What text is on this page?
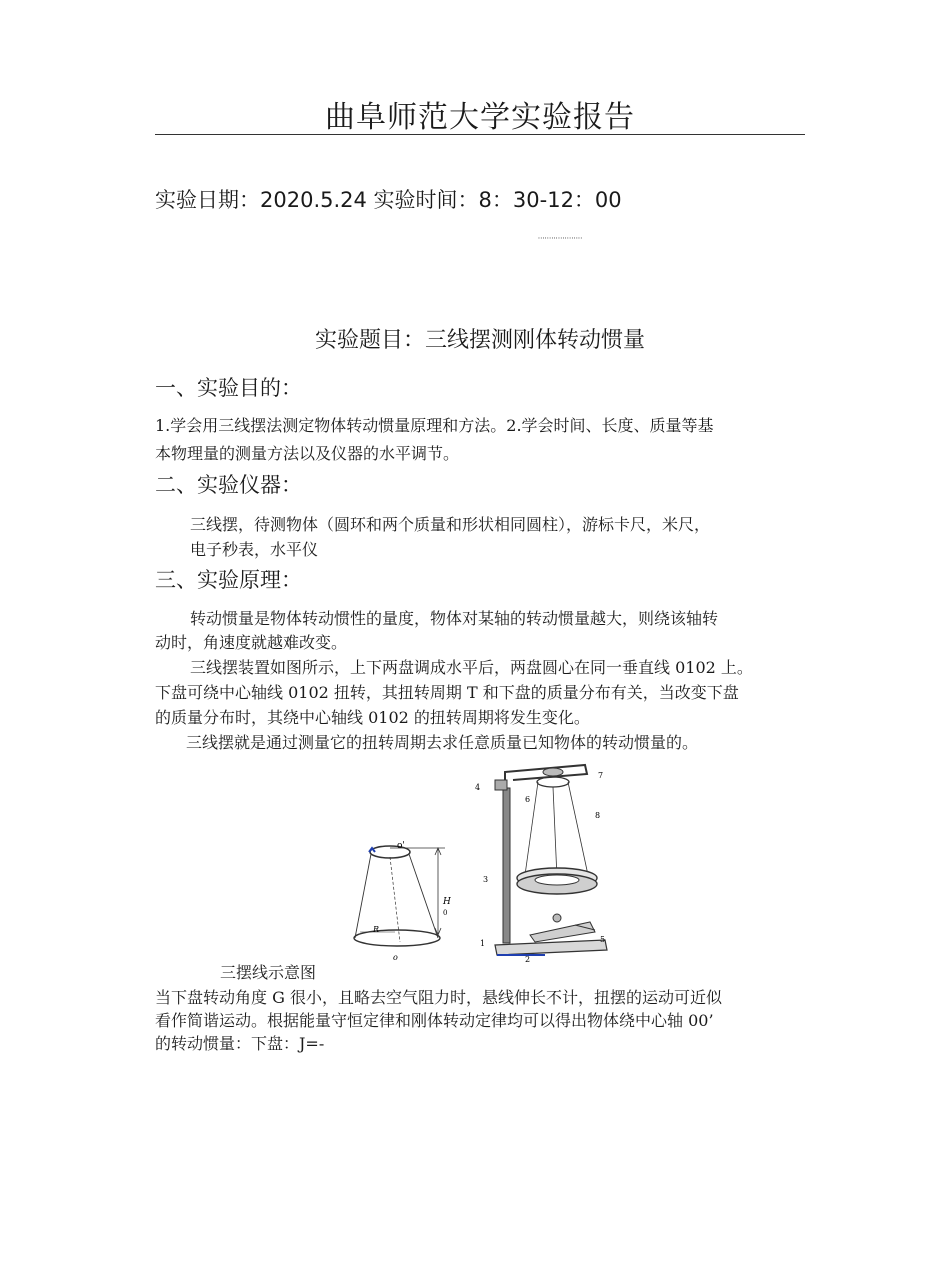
曲阜师范大学实验报告
实验日期：2020.5.24 实验时间：8：30-12：00
''''''''''''''''''''
实验题目：三线摆测刚体转动惯量
一、实验目的：
1.学会用三线摆法测定物体转动惯量原理和方法。2.学会时间、长度、质量等基
本物理量的测量方法以及仪器的水平调节。
二、实验仪器：
三线摆，待测物体（圆环和两个质量和形状相同圆柱），游标卡尺，米尺，
电子秒表，水平仪
三、实验原理：
转动惯量是物体转动惯性的量度，物体对某轴的转动惯量越大，则绕该轴转
动时，角速度就越难改变。
三线摆装置如图所示，上下两盘调成水平后，两盘圆心在同一垂直线 0102 上。
下盘可绕中心轴线 0102 扭转，其扭转周期 T 和下盘的质量分布有关，当改变下盘
的质量分布时，其绕中心轴线 0102 的扭转周期将发生变化。
三线摆就是通过测量它的扭转周期去求任意质量已知物体的转动惯量的。
o'
H
0
R
o
1
2
3
4
5
6
7
8
三摆线示意图
当下盘转动角度 G 很小，且略去空气阻力时，悬线伸长不计，扭摆的运动可近似
看作简谐运动。根据能量守恒定律和刚体转动定律均可以得出物体绕中心轴 00’
的转动惯量：下盘：J=-
